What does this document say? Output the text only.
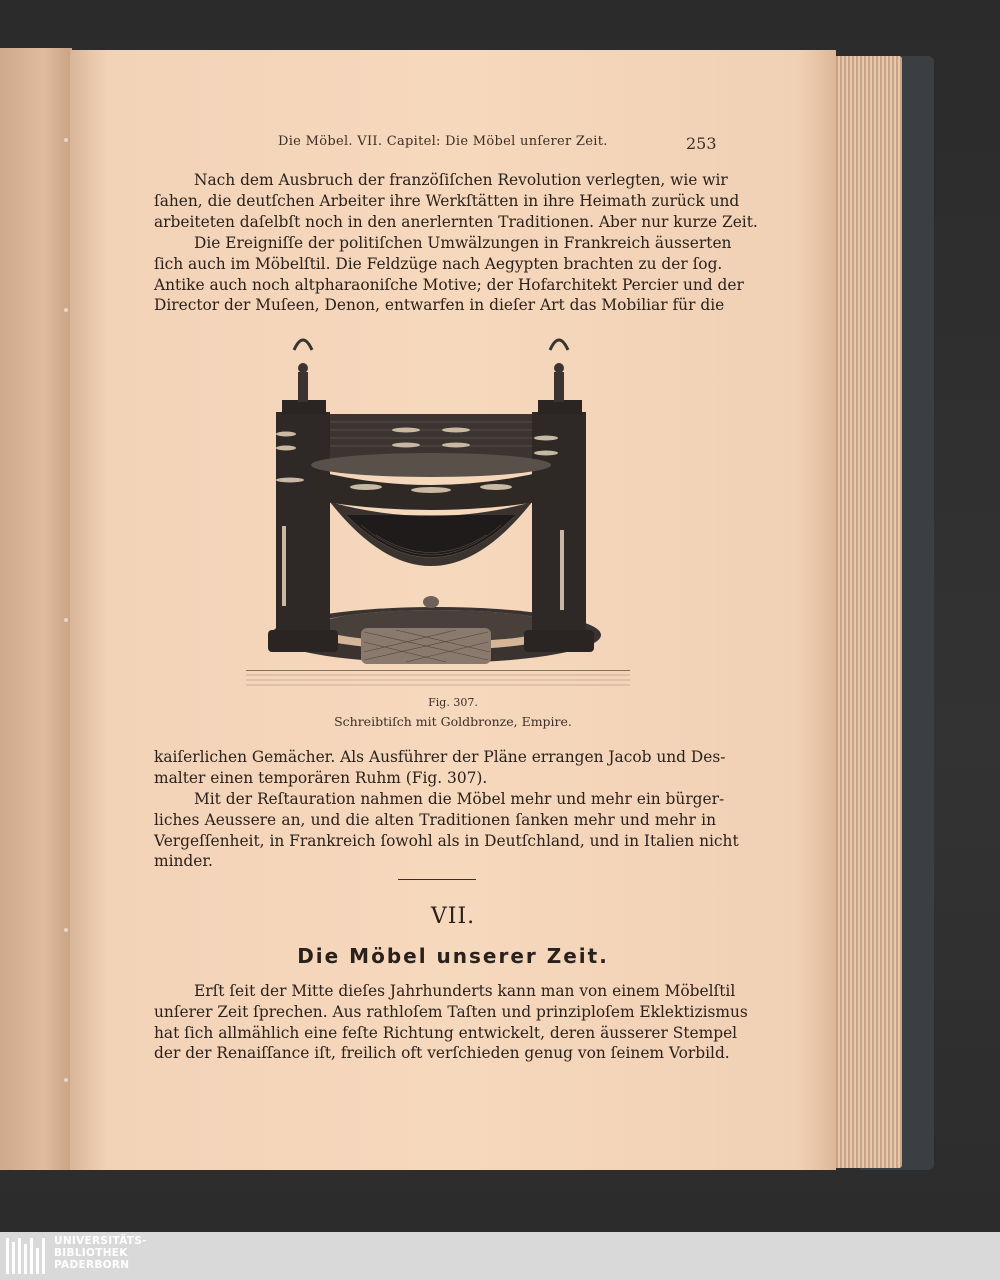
Die Möbel. VII. Capitel: Die Möbel unſerer Zeit.	253
Nach dem Ausbruch der franzöſiſchen Revolution verlegten, wie wir
ſahen, die deutſchen Arbeiter ihre Werkſtätten in ihre Heimath zurück und
arbeiteten daſelbſt noch in den anerlernten Traditionen. Aber nur kurze Zeit.
Die Ereigniſſe der politiſchen Umwälzungen in Frankreich äusserten
ſich auch im Möbelſtil. Die Feldzüge nach Aegypten brachten zu der ſog.
Antike auch noch altpharaoniſche Motive; der Hofarchitekt Percier und der
Director der Muſeen, Denon, entwarfen in dieſer Art das Mobiliar für die
Fig. 307.
Schreibtiſch mit Goldbronze, Empire.
kaiſerlichen Gemächer. Als Ausführer der Pläne errangen Jacob und Des-
malter einen temporären Ruhm (Fig. 307).
Mit der Reſtauration nahmen die Möbel mehr und mehr ein bürger-
liches Aeussere an, und die alten Traditionen ſanken mehr und mehr in
Vergeſſenheit, in Frankreich ſowohl als in Deutſchland, und in Italien nicht
minder.
VII.
Die Möbel unserer Zeit.
Erſt ſeit der Mitte dieſes Jahrhunderts kann man von einem Möbelſtil
unſerer Zeit ſprechen. Aus rathloſem Taſten und prinziploſem Eklektizismus
hat ſich allmählich eine feſte Richtung entwickelt, deren äusserer Stempel
der der Renaiſſance iſt, freilich oft verſchieden genug von ſeinem Vorbild.
UNIVERSITÄTS-
BIBLIOTHEK
PADERBORN
